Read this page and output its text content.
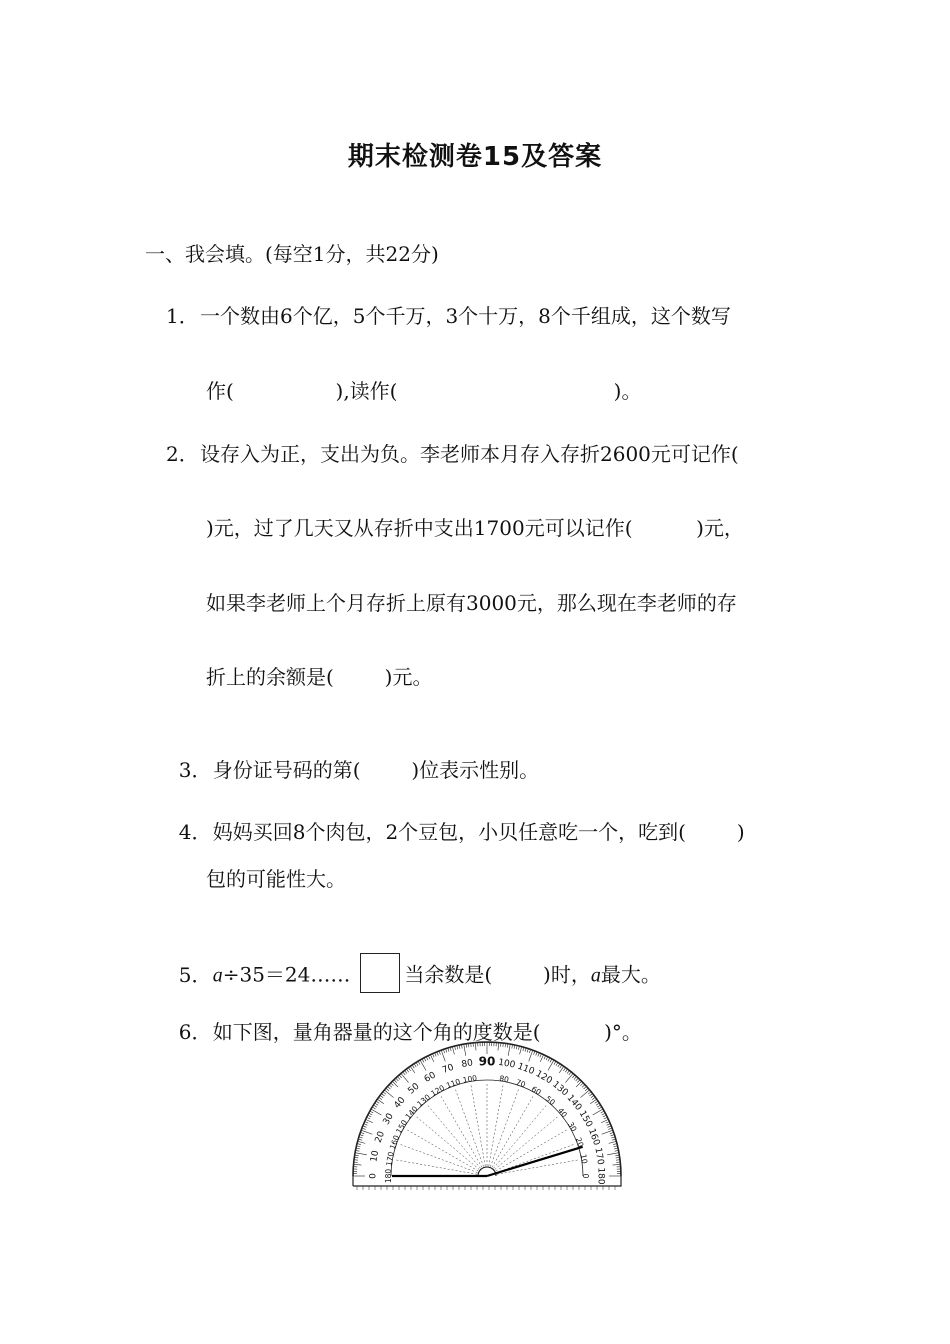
期末检测卷15及答案
一、我会填。(每空1分，共22分)
1．一个数由6个亿，5个千万，3个十万，8个千组成，这个数写
作(                ),读作(                                  )。
2．设存入为正，支出为负。李老师本月存入存折2600元可记作(
)元，过了几天又从存折中支出1700元可以记作(          )元，
如果李老师上个月存折上原有3000元，那么现在李老师的存
折上的余额是(        )元。

3．身份证号码的第(        )位表示性别。

4．妈妈买回8个肉包，2个豆包，小贝任意吃一个，吃到(        )

包的可能性大。

5．a÷35＝24……	当余数是(        )时，a最大。

6．如下图，量角器量的这个角的度数是(          )°。

0
10
20
30
40
50
60
70 80	100 110
120
130
140
150
160
170
180
180
170
160
150
140
130
120
110 100	80 70
60
50
40
30
20
10
0
90
